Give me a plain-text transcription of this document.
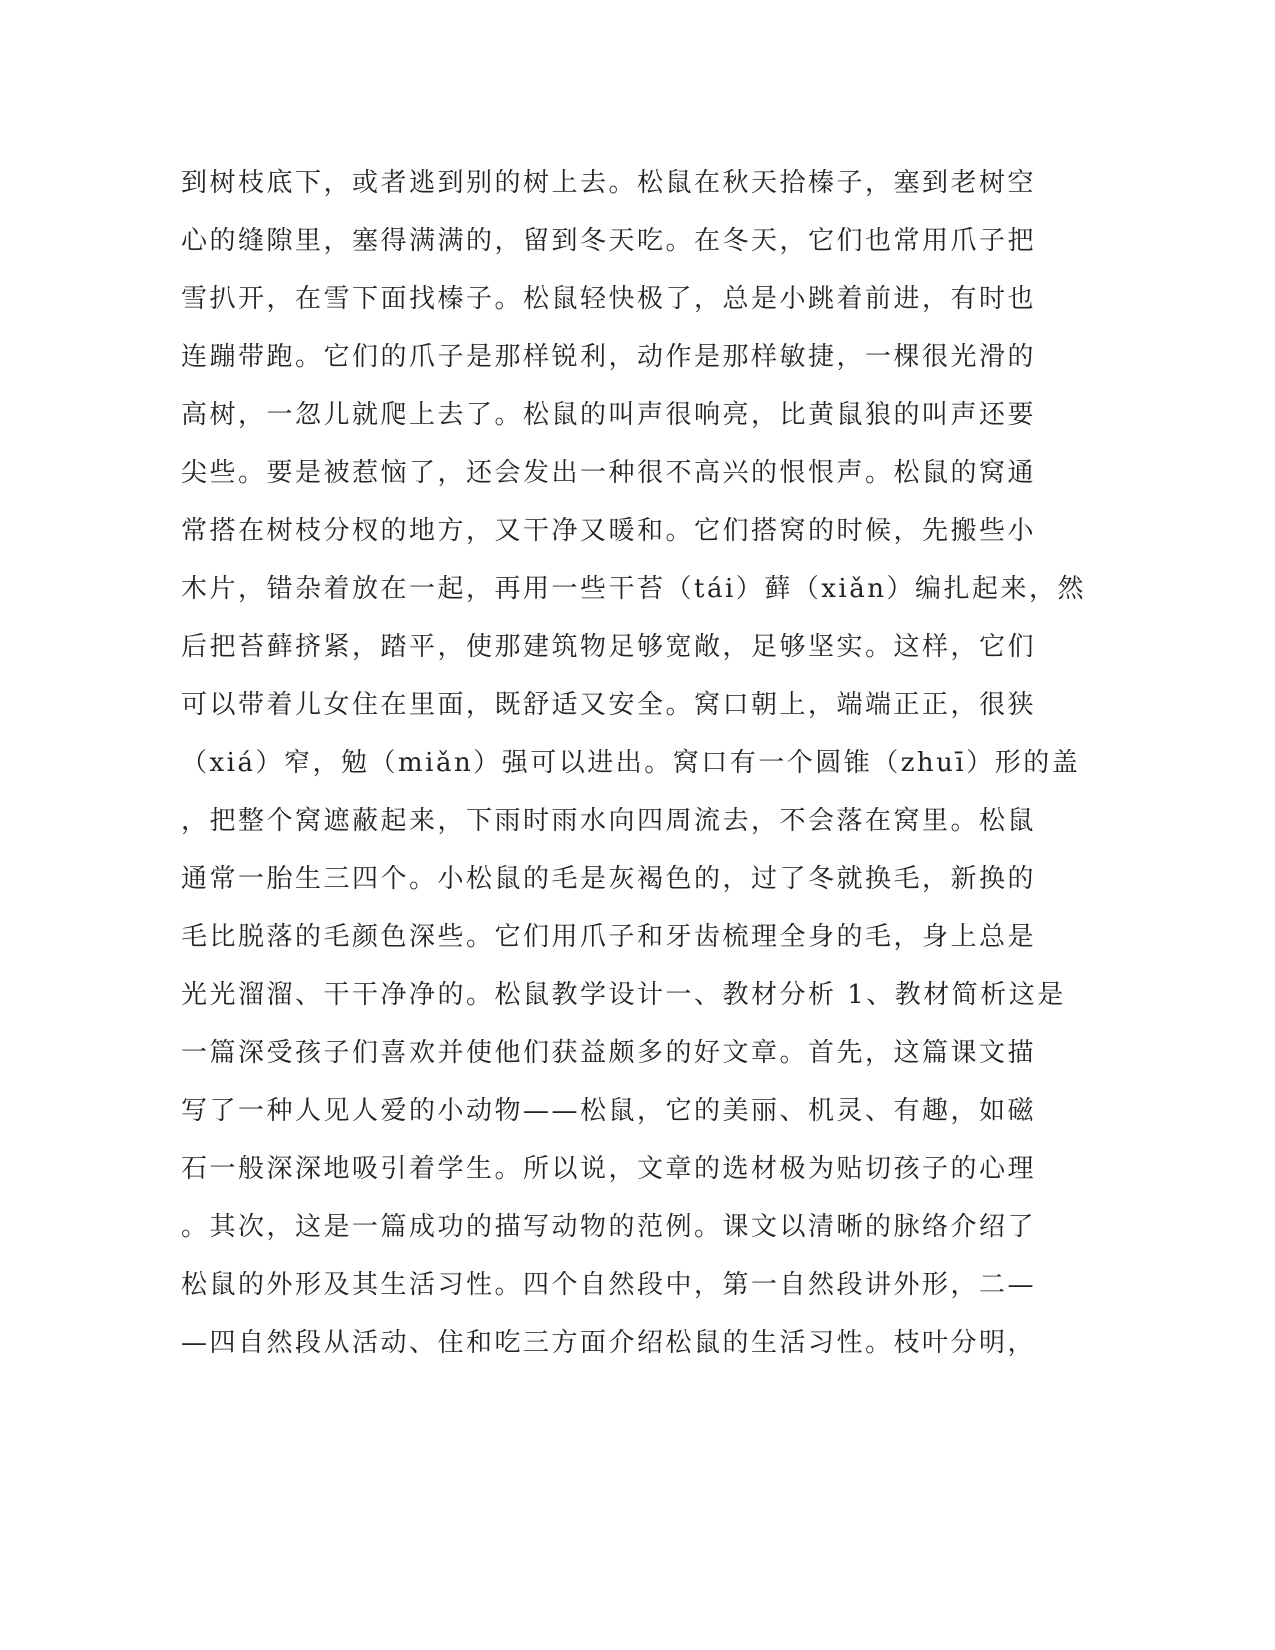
到树枝底下，或者逃到别的树上去。松鼠在秋天拾榛子，塞到老树空
心的缝隙里，塞得满满的，留到冬天吃。在冬天，它们也常用爪子把
雪扒开，在雪下面找榛子。松鼠轻快极了，总是小跳着前进，有时也
连蹦带跑。它们的爪子是那样锐利，动作是那样敏捷，一棵很光滑的
高树，一忽儿就爬上去了。松鼠的叫声很响亮，比黄鼠狼的叫声还要
尖些。要是被惹恼了，还会发出一种很不高兴的恨恨声。松鼠的窝通
常搭在树枝分杈的地方，又干净又暖和。它们搭窝的时候，先搬些小
木片，错杂着放在一起，再用一些干苔（tái）藓（xiǎn）编扎起来，然
后把苔藓挤紧，踏平，使那建筑物足够宽敞，足够坚实。这样，它们
可以带着儿女住在里面，既舒适又安全。窝口朝上，端端正正，很狭
（xiá）窄，勉（miǎn）强可以进出。窝口有一个圆锥（zhuī）形的盖
，把整个窝遮蔽起来，下雨时雨水向四周流去，不会落在窝里。松鼠
通常一胎生三四个。小松鼠的毛是灰褐色的，过了冬就换毛，新换的
毛比脱落的毛颜色深些。它们用爪子和牙齿梳理全身的毛，身上总是
光光溜溜、干干净净的。松鼠教学设计一、教材分析 1、教材简析这是
一篇深受孩子们喜欢并使他们获益颇多的好文章。首先，这篇课文描
写了一种人见人爱的小动物——松鼠，它的美丽、机灵、有趣，如磁
石一般深深地吸引着学生。所以说，文章的选材极为贴切孩子的心理
。其次，这是一篇成功的描写动物的范例。课文以清晰的脉络介绍了
松鼠的外形及其生活习性。四个自然段中，第一自然段讲外形，二—
—四自然段从活动、住和吃三方面介绍松鼠的生活习性。枝叶分明，
